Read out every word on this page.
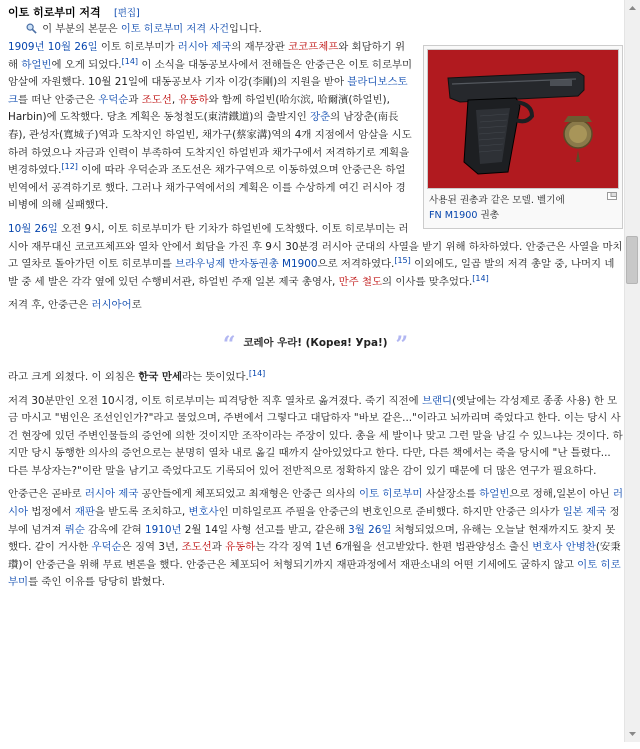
이토 히로부미 저격 [편집]
이 부분의 본문은 이토 히로부미 저격 사건입니다.
사용된 권총과 같은 모델. 벨기에

FN M1900 권총

1909년 10월 26일 이토 히로부미가 러시아 제국의 재무장관 코코프체프와 회담하기 위해 하얼빈에 오게 되었다.[14] 이 소식을 대동공보사에서 전해들은 안중근은 이토 히로부미 암살에 자원했다. 10월 21일에 대동공보사 기자 이강(李剛)의 지원을 받아 블라디보스토크를 떠난 안중근은 우덕순과 조도선, 유동하와 함께 하얼빈(哈尔滨, 哈爾濱(하얼빈), Harbin)에 도착했다. 당초 계획은 동청철도(東淸鐵道)의 출발지인 장춘의 남장춘(南長春), 관성자(寬城子)역과 도착지인 하얼빈, 채가구(蔡家溝)역의 4개 지점에서 암살을 시도하려 하였으나 자금과 인력이 부족하여 도착지인 하얼빈과 채가구에서 저격하기로 계획을 변경하였다.[12] 이에 따라 우덕순과 조도선은 채가구역으로 이동하였으며 안중근은 하얼빈역에서 공격하기로 했다. 그러나 채가구역에서의 계획은 이를 수상하게 여긴 러시아 경비병에 의해 실패했다.

10월 26일 오전 9시, 이토 히로부미가 탄 기차가 하얼빈에 도착했다. 이토 히로부미는 러시아 재무대신 코코프체프와 열차 안에서 회담을 가진 후 9시 30분경 러시아 군대의 사열을 받기 위해 하차하였다. 안중근은 사열을 마치고 열차로 돌아가던 이토 히로부미를 브라우닝제 반자동권총 M1900으로 저격하였다.[15] 이외에도, 일곱 발의 저격 총알 중, 나머지 네 발 중 세 발은 각각 옆에 있던 수행비서관, 하얼빈 주재 일본 제국 총영사, 만주 철도의 이사를 맞추었다.[14]

저격 후, 안중근은 러시아어로

“ 코레아 우라! (Корея! Ура!) ”

라고 크게 외쳤다. 이 외침은 한국 만세라는 뜻이었다.[14]

저격 30분만인 오전 10시경, 이토 히로부미는 피격당한 직후 열차로 옮겨졌다. 죽기 직전에 브랜디(옛날에는 각성제로 종종 사용) 한 모금 마시고 "범인은 조선인인가?"라고 물었으며, 주변에서 그렇다고 대답하자 "바보 같은..."이라고 뇌까리며 죽었다고 한다. 이는 당시 사건 현장에 있던 주변인물들의 증언에 의한 것이지만 조작이라는 주장이 있다. 총을 세 발이나 맞고 그런 말을 남길 수 있느냐는 것이다. 하지만 당시 동행한 의사의 증언으로는 분명히 열차 내로 옮길 때까지 살아있었다고 한다. 다만, 다른 책에서는 죽을 당시에 "난 틀렸다... 다른 부상자는?"이란 말을 남기고 죽었다고도 기록되어 있어 전반적으로 정확하지 않은 감이 있기 때문에 더 많은 연구가 필요하다.

안중근은 곧바로 러시아 제국 공안들에게 체포되었고 최재형은 안중근 의사의 이토 히로부미 사살장소를 하얼빈으로 정해,일본이 아닌 러시아 법정에서 재판을 받도록 조치하고, 변호사인 미하일로프 주필을 안중근의 변호인으로 준비했다. 하지만 안중근 의사가 일본 제국 정부에 넘겨져 뤼순 감옥에 갇혀 1910년 2월 14일 사형 선고를 받고, 같은해 3월 26일 처형되었으며, 유해는 오늘날 현재까지도 찾지 못했다. 같이 거사한 우덕순은 징역 3년, 조도선과 유동하는 각각 징역 1년 6개월을 선고받았다. 한편 법관양성소 출신 변호사 안병찬(安秉瓚)이 안중근을 위해 무료 변론을 했다. 안중근은 체포되어 처형되기까지 재판과정에서 재판소내의 어떤 기세에도 굴하지 않고 이토 히로부미를 죽인 이유를 당당히 밝혔다.
